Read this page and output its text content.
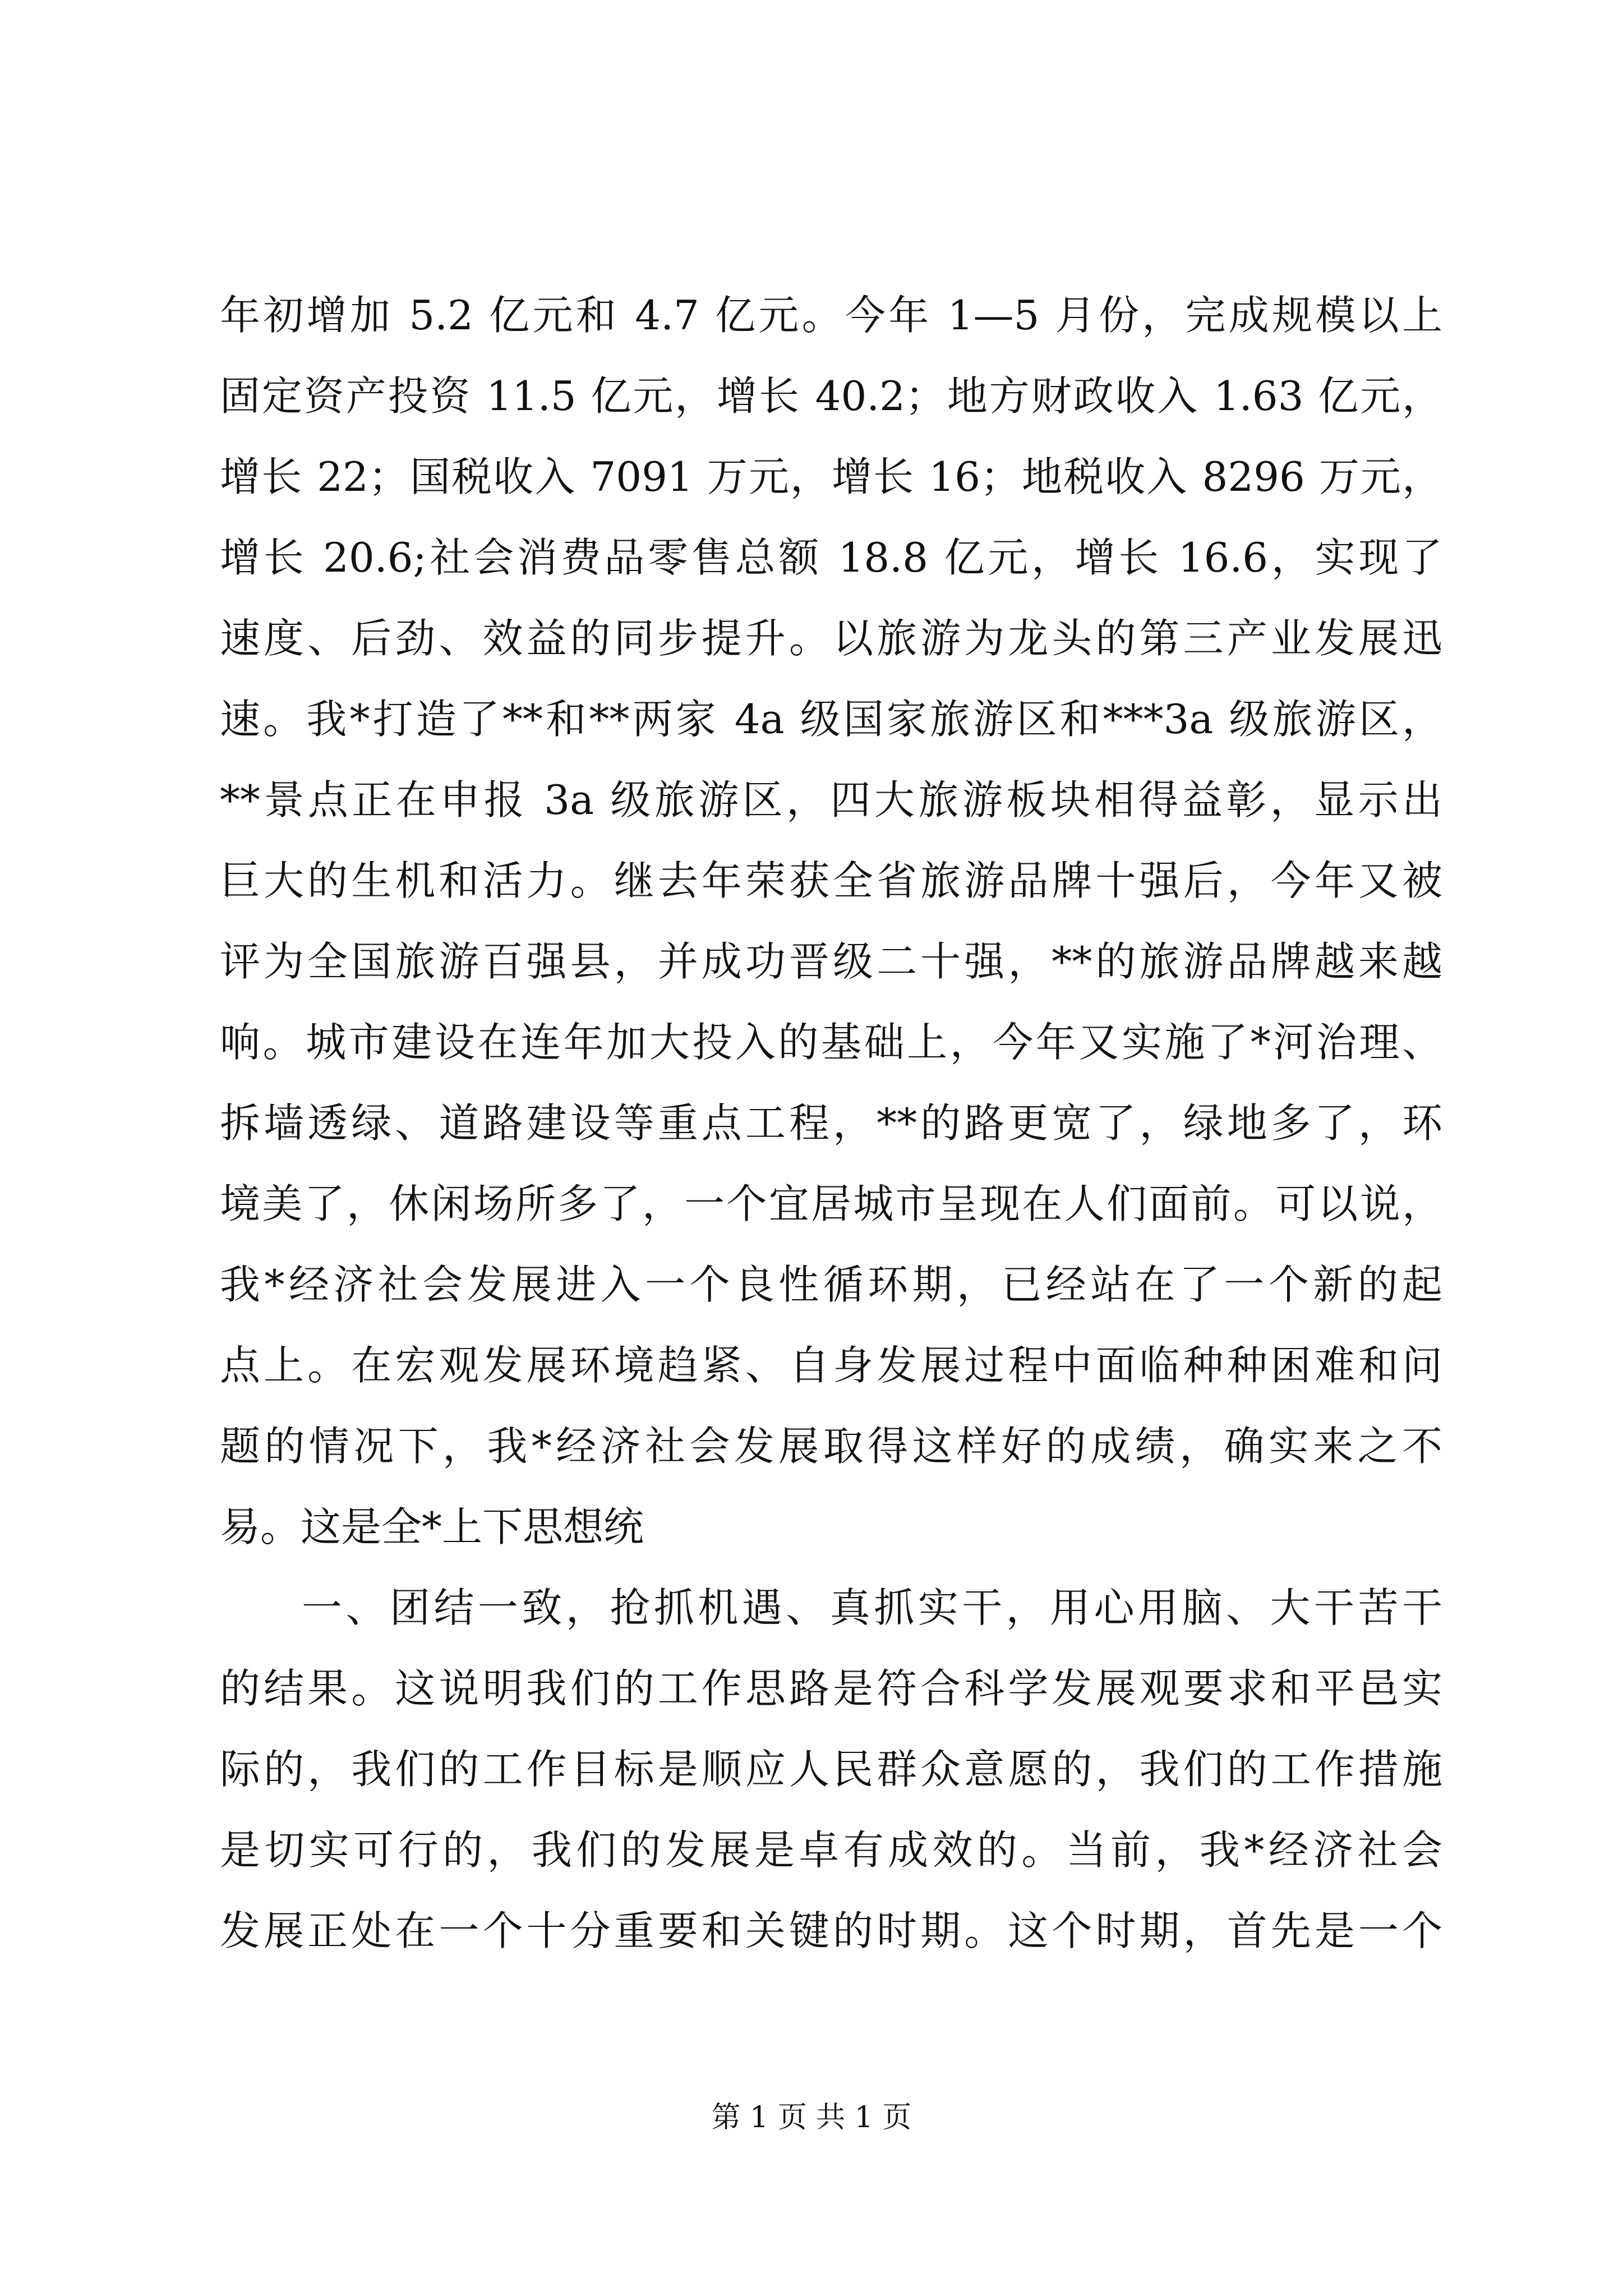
年初增加 5.2 亿元和 4.7 亿元。今年 1—5 月份，完成规模以上
固定资产投资 11.5 亿元，增长 40.2；地方财政收入 1.63 亿元，
增长 22；国税收入 7091 万元，增长 16；地税收入 8296 万元，
增长 20.6;社会消费品零售总额 18.8 亿元，增长 16.6，实现了
速度、后劲、效益的同步提升。以旅游为龙头的第三产业发展迅
速。我*打造了**和**两家 4a 级国家旅游区和***3a 级旅游区，
**景点正在申报 3a 级旅游区，四大旅游板块相得益彰，显示出
巨大的生机和活力。继去年荣获全省旅游品牌十强后，今年又被
评为全国旅游百强县，并成功晋级二十强，**的旅游品牌越来越
响。城市建设在连年加大投入的基础上，今年又实施了*河治理、
拆墙透绿、道路建设等重点工程，**的路更宽了，绿地多了，环
境美了，休闲场所多了，一个宜居城市呈现在人们面前。可以说，
我*经济社会发展进入一个良性循环期，已经站在了一个新的起
点上。在宏观发展环境趋紧、自身发展过程中面临种种困难和问
题的情况下，我*经济社会发展取得这样好的成绩，确实来之不
易。这是全*上下思想统
一、团结一致，抢抓机遇、真抓实干，用心用脑、大干苦干
的结果。这说明我们的工作思路是符合科学发展观要求和平邑实
际的，我们的工作目标是顺应人民群众意愿的，我们的工作措施
是切实可行的，我们的发展是卓有成效的。当前，我*经济社会
发展正处在一个十分重要和关键的时期。这个时期，首先是一个
第 1 页 共 1 页
